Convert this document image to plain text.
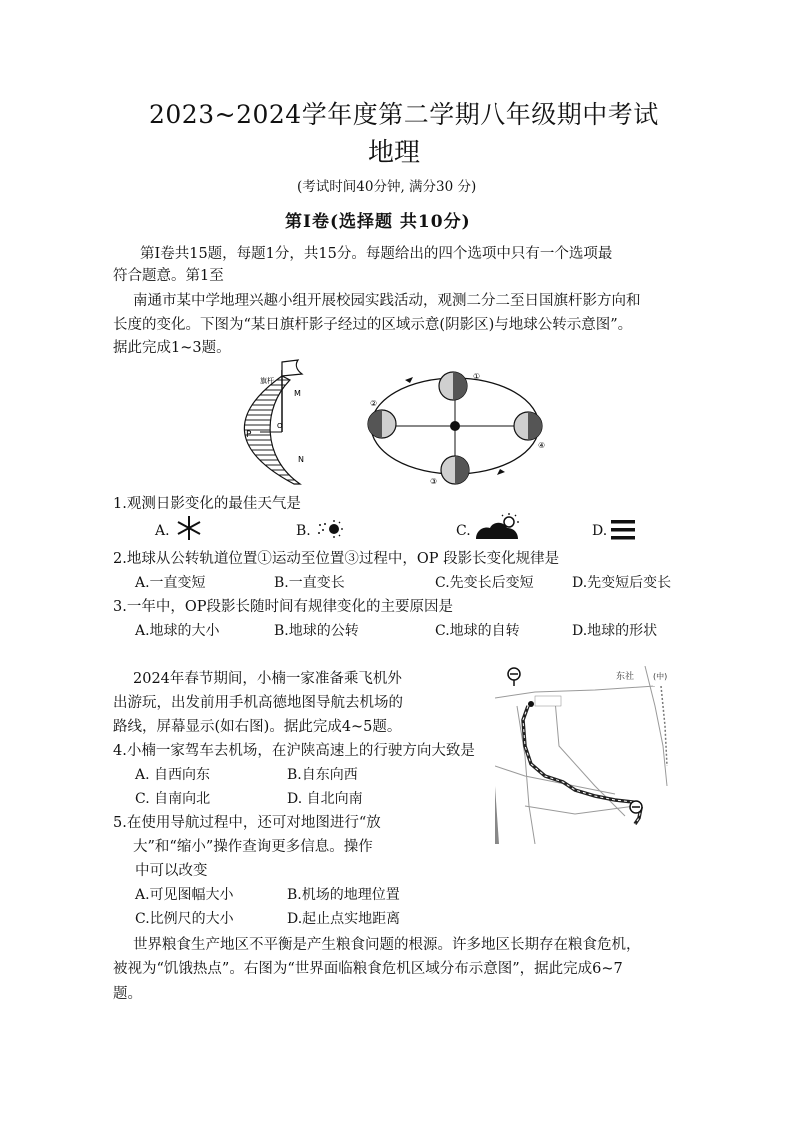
2023~2024学年度第二学期八年级期中考试
地理
(考试时间40分钟, 满分30 分)
第Ⅰ卷(选择题 共10分)
第Ⅰ卷共15题，每题1分，共15分。每题给出的四个选项中只有一个选项最
符合题意。第1至
南通市某中学地理兴趣小组开展校园实践活动，观测二分二至日国旗杆影方向和
长度的变化。下图为“某日旗杆影子经过的区域示意(阴影区)与地球公转示意图”。
据此完成1~3题。
旗杆
M
P
O
N
①
②
③
④
1.观测日影变化的最佳天气是
A.	B.	C.	D.
2.地球从公转轨道位置①运动至位置③过程中，OP 段影长变化规律是
A.一直变短	B.一直变长	C.先变长后变短	D.先变短后变长
3.一年中，OP段影长随时间有规律变化的主要原因是
A.地球的大小	B.地球的公转	C.地球的自转	D.地球的形状
2024年春节期间，小楠一家准备乘飞机外
出游玩，出发前用手机高德地图导航去机场的
路线，屏幕显示(如右图)。据此完成4~5题。
东社 (中)
4.小楠一家驾车去机场，在沪陕高速上的行驶方向大致是
A. 自西向东	B.自东向西
C. 自南向北	D. 自北向南
5.在使用导航过程中，还可对地图进行“放
大”和“缩小”操作查询更多信息。操作
中可以改变
A.可见图幅大小	B.机场的地理位置
C.比例尺的大小	D.起止点实地距离
世界粮食生产地区不平衡是产生粮食问题的根源。许多地区长期存在粮食危机，
被视为“饥饿热点”。右图为“世界面临粮食危机区域分布示意图”，据此完成6~7
题。
